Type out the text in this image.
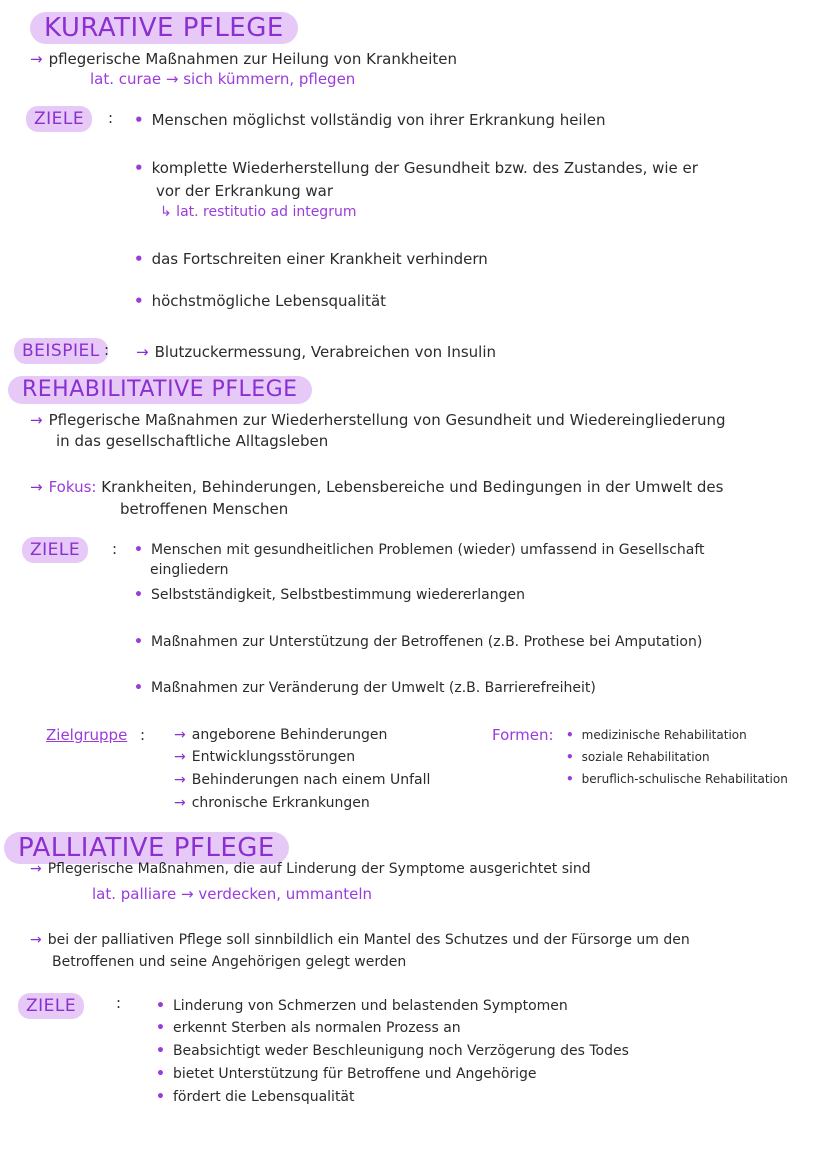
KURATIVE PFLEGE
→ pflegerische Maßnahmen zur Heilung von Krankheiten
lat. curae → sich kümmern, pflegen
ZIELE	: • Menschen möglichst vollständig von ihrer Erkrankung heilen
• komplette Wiederherstellung der Gesundheit bzw. des Zustandes, wie er
vor der Erkrankung war
↳ lat. restitutio ad integrum
• das Fortschreiten einer Krankheit verhindern
• höchstmögliche Lebensqualität
BEISPIEL : → Blutzuckermessung, Verabreichen von Insulin
REHABILITATIVE PFLEGE
→ Pflegerische Maßnahmen zur Wiederherstellung von Gesundheit und Wiedereingliederung
in das gesellschaftliche Alltagsleben
→ Fokus: Krankheiten, Behinderungen, Lebensbereiche und Bedingungen in der Umwelt des
betroffenen Menschen
ZIELE	: • Menschen mit gesundheitlichen Problemen (wieder) umfassend in Gesellschaft
eingliedern
• Selbstständigkeit, Selbstbestimmung wiedererlangen
• Maßnahmen zur Unterstützung der Betroffenen (z.B. Prothese bei Amputation)
• Maßnahmen zur Veränderung der Umwelt (z.B. Barrierefreiheit)
Zielgruppe : → angeborene Behinderungen
→ Entwicklungsstörungen
→ Behinderungen nach einem Unfall
→ chronische Erkrankungen
Formen: • medizinische Rehabilitation
• soziale Rehabilitation
• beruflich-schulische Rehabilitation
PALLIATIVE PFLEGE
→ Pflegerische Maßnahmen, die auf Linderung der Symptome ausgerichtet sind
lat. palliare → verdecken, ummanteln
→ bei der palliativen Pflege soll sinnbildlich ein Mantel des Schutzes und der Fürsorge um den
Betroffenen und seine Angehörigen gelegt werden
ZIELE	: • Linderung von Schmerzen und belastenden Symptomen
• erkennt Sterben als normalen Prozess an
• Beabsichtigt weder Beschleunigung noch Verzögerung des Todes
• bietet Unterstützung für Betroffene und Angehörige
• fördert die Lebensqualität
